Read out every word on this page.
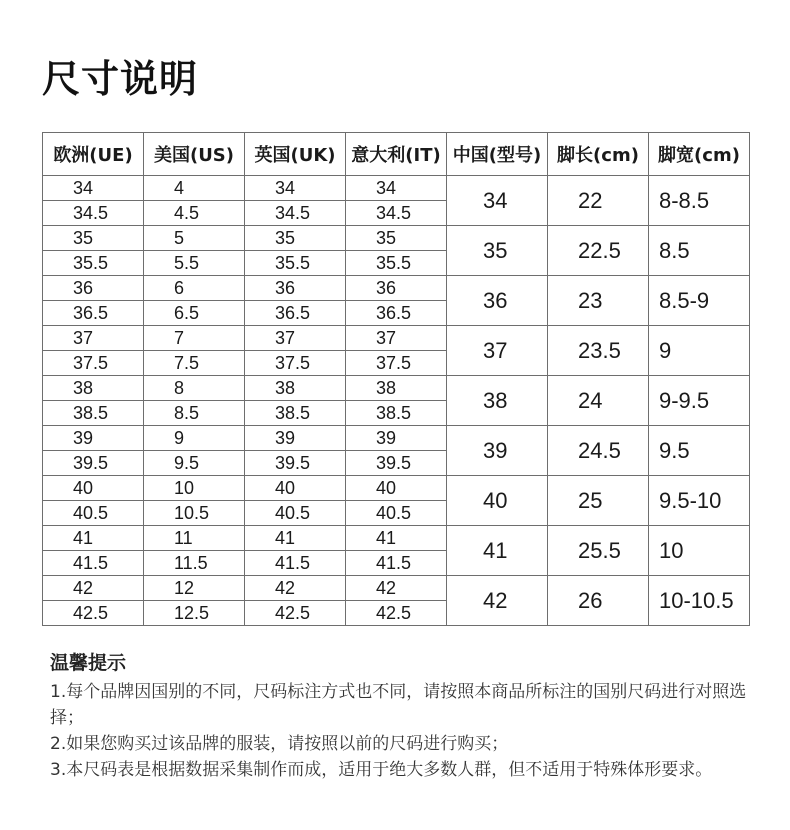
尺寸说明
欧洲(UE)	美国(US)	英国(UK)	意大利(IT)	中国(型号)	脚长(cm)	脚宽(cm)
34	4	34	34	34	22	8-8.5
34.5	4.5	34.5	34.5			
35	5	35	35	35	22.5	8.5
35.5	5.5	35.5	35.5			
36	6	36	36	36	23	8.5-9
36.5	6.5	36.5	36.5			
37	7	37	37	37	23.5	9
37.5	7.5	37.5	37.5			
38	8	38	38	38	24	9-9.5
38.5	8.5	38.5	38.5			
39	9	39	39	39	24.5	9.5
39.5	9.5	39.5	39.5			
40	10	40	40	40	25	9.5-10
40.5	10.5	40.5	40.5			
41	11	41	41	41	25.5	10
41.5	11.5	41.5	41.5			
42	12	42	42	42	26	10-10.5
42.5	12.5	42.5	42.5			
温馨提示

1.每个品牌因国别的不同，尺码标注方式也不同，请按照本商品所标注的国别尺码进行对照选择；

2.如果您购买过该品牌的服装，请按照以前的尺码进行购买；

3.本尺码表是根据数据采集制作而成，适用于绝大多数人群，但不适用于特殊体形要求。
